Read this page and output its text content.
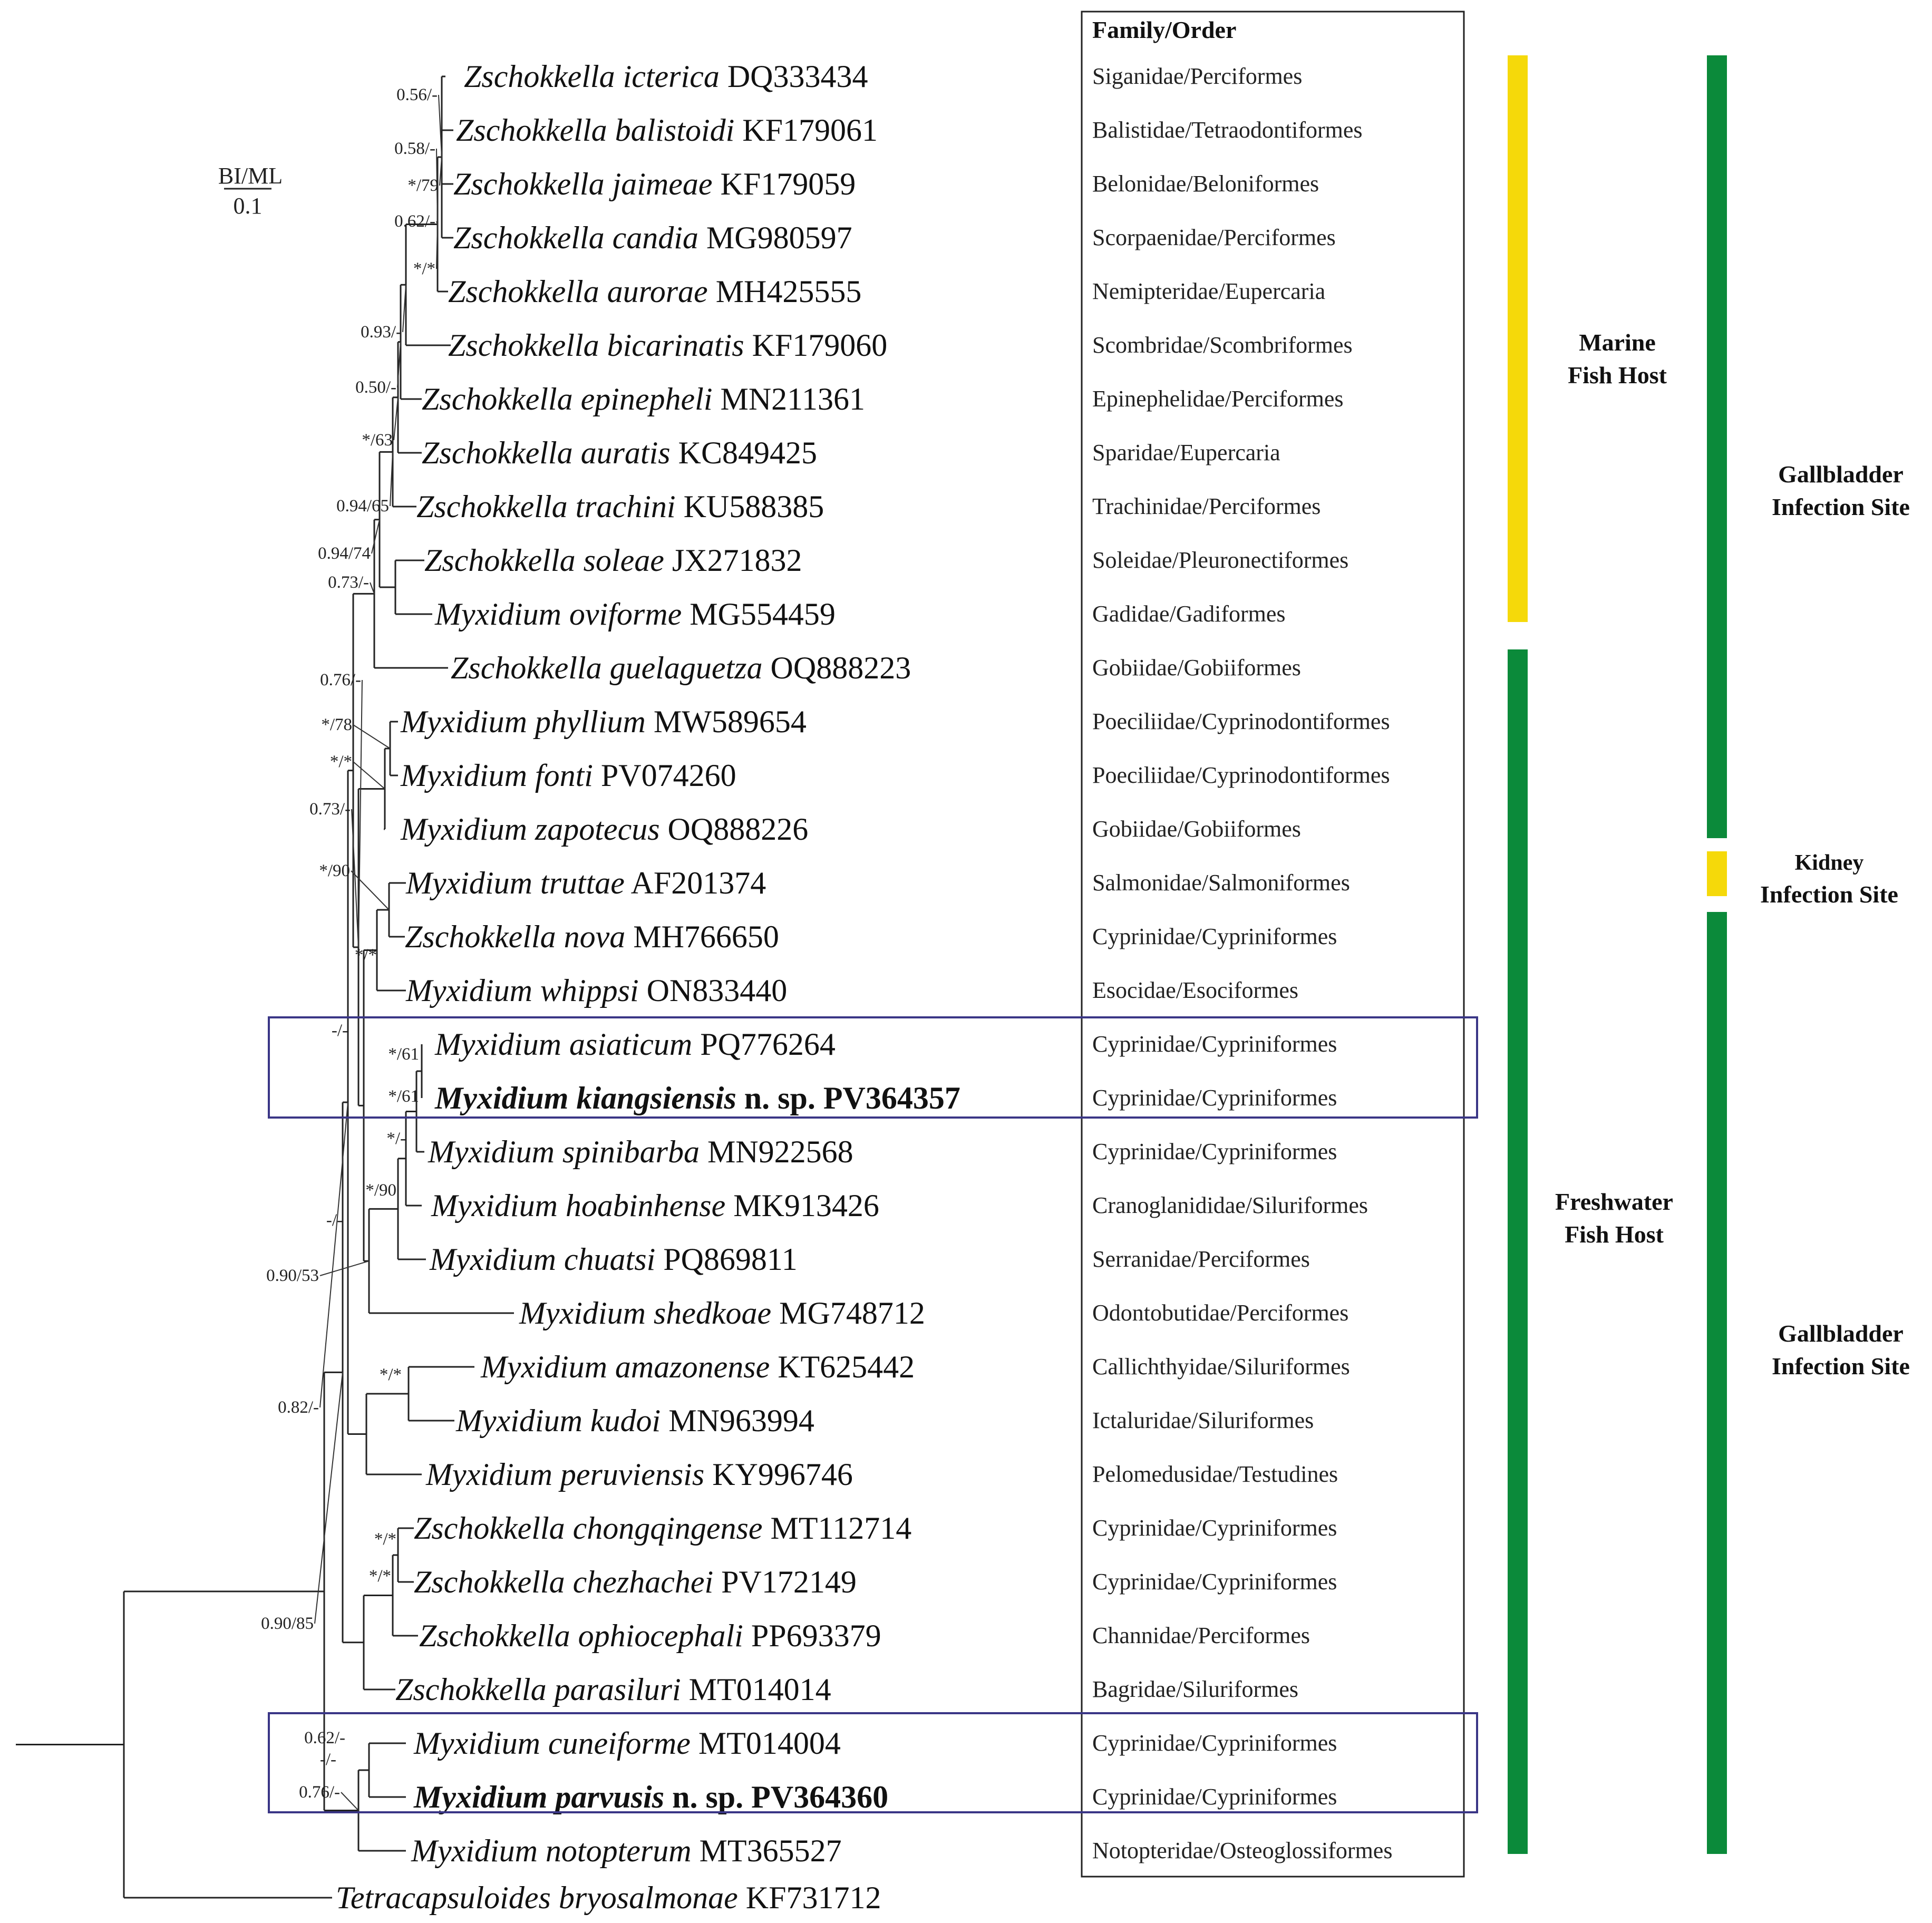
0.56/-
0.58/-
*/79
0.62/-
*/*
0.93/-
0.50/-
*/63
0.94/65
0.94/74
0.73/-
0.76/-
*/78
*/*
0.73/-
*/90
*/*
-/-
*/61
*/61
*/-
*/90
-/-
0.90/53
*/*
0.82/-
*/*
*/*
0.90/85
0.62/-
-/-
0.76/-
Zschokkella icterica DQ333434
Zschokkella balistoidi KF179061
Zschokkella jaimeae KF179059
Zschokkella candia MG980597
Zschokkella aurorae MH425555
Zschokkella bicarinatis KF179060
Zschokkella epinepheli MN211361
Zschokkella auratis KC849425
Zschokkella trachini KU588385
Zschokkella soleae JX271832
Myxidium oviforme MG554459
Zschokkella guelaguetza OQ888223
Myxidium phyllium MW589654
Myxidium fonti PV074260
Myxidium zapotecus OQ888226
Myxidium truttae AF201374
Zschokkella nova MH766650
Myxidium whippsi ON833440
Myxidium asiaticum PQ776264
Myxidium kiangsiensis n. sp. PV364357
Myxidium spinibarba MN922568
Myxidium hoabinhense MK913426
Myxidium chuatsi PQ869811
Myxidium shedkoae MG748712
Myxidium amazonense KT625442
Myxidium kudoi MN963994
Myxidium peruviensis KY996746
Zschokkella chongqingense MT112714
Zschokkella chezhachei PV172149
Zschokkella ophiocephali PP693379
Zschokkella parasiluri MT014014
Myxidium cuneiforme MT014004
Myxidium parvusis n. sp. PV364360
Myxidium notopterum MT365527
Tetracapsuloides bryosalmonae KF731712
Family/Order
Siganidae/Perciformes
Balistidae/Tetraodontiformes
Belonidae/Beloniformes
Scorpaenidae/Perciformes
Nemipteridae/Eupercaria
Scombridae/Scombriformes
Epinephelidae/Perciformes
Sparidae/Eupercaria
Trachinidae/Perciformes
Soleidae/Pleuronectiformes
Gadidae/Gadiformes
Gobiidae/Gobiiformes
Poeciliidae/Cyprinodontiformes
Poeciliidae/Cyprinodontiformes
Gobiidae/Gobiiformes
Salmonidae/Salmoniformes
Cyprinidae/Cypriniformes
Esocidae/Esociformes
Cyprinidae/Cypriniformes
Cyprinidae/Cypriniformes
Cyprinidae/Cypriniformes
Cranoglanididae/Siluriformes
Serranidae/Perciformes
Odontobutidae/Perciformes
Callichthyidae/Siluriformes
Ictaluridae/Siluriformes
Pelomedusidae/Testudines
Cyprinidae/Cypriniformes
Cyprinidae/Cypriniformes
Channidae/Perciformes
Bagridae/Siluriformes
Cyprinidae/Cypriniformes
Cyprinidae/Cypriniformes
Notopteridae/Osteoglossiformes
Marine
Fish Host
Freshwater
Fish Host
Gallbladder
Infection Site
Kidney
Infection Site
Gallbladder
Infection Site
BI/ML
0.1
